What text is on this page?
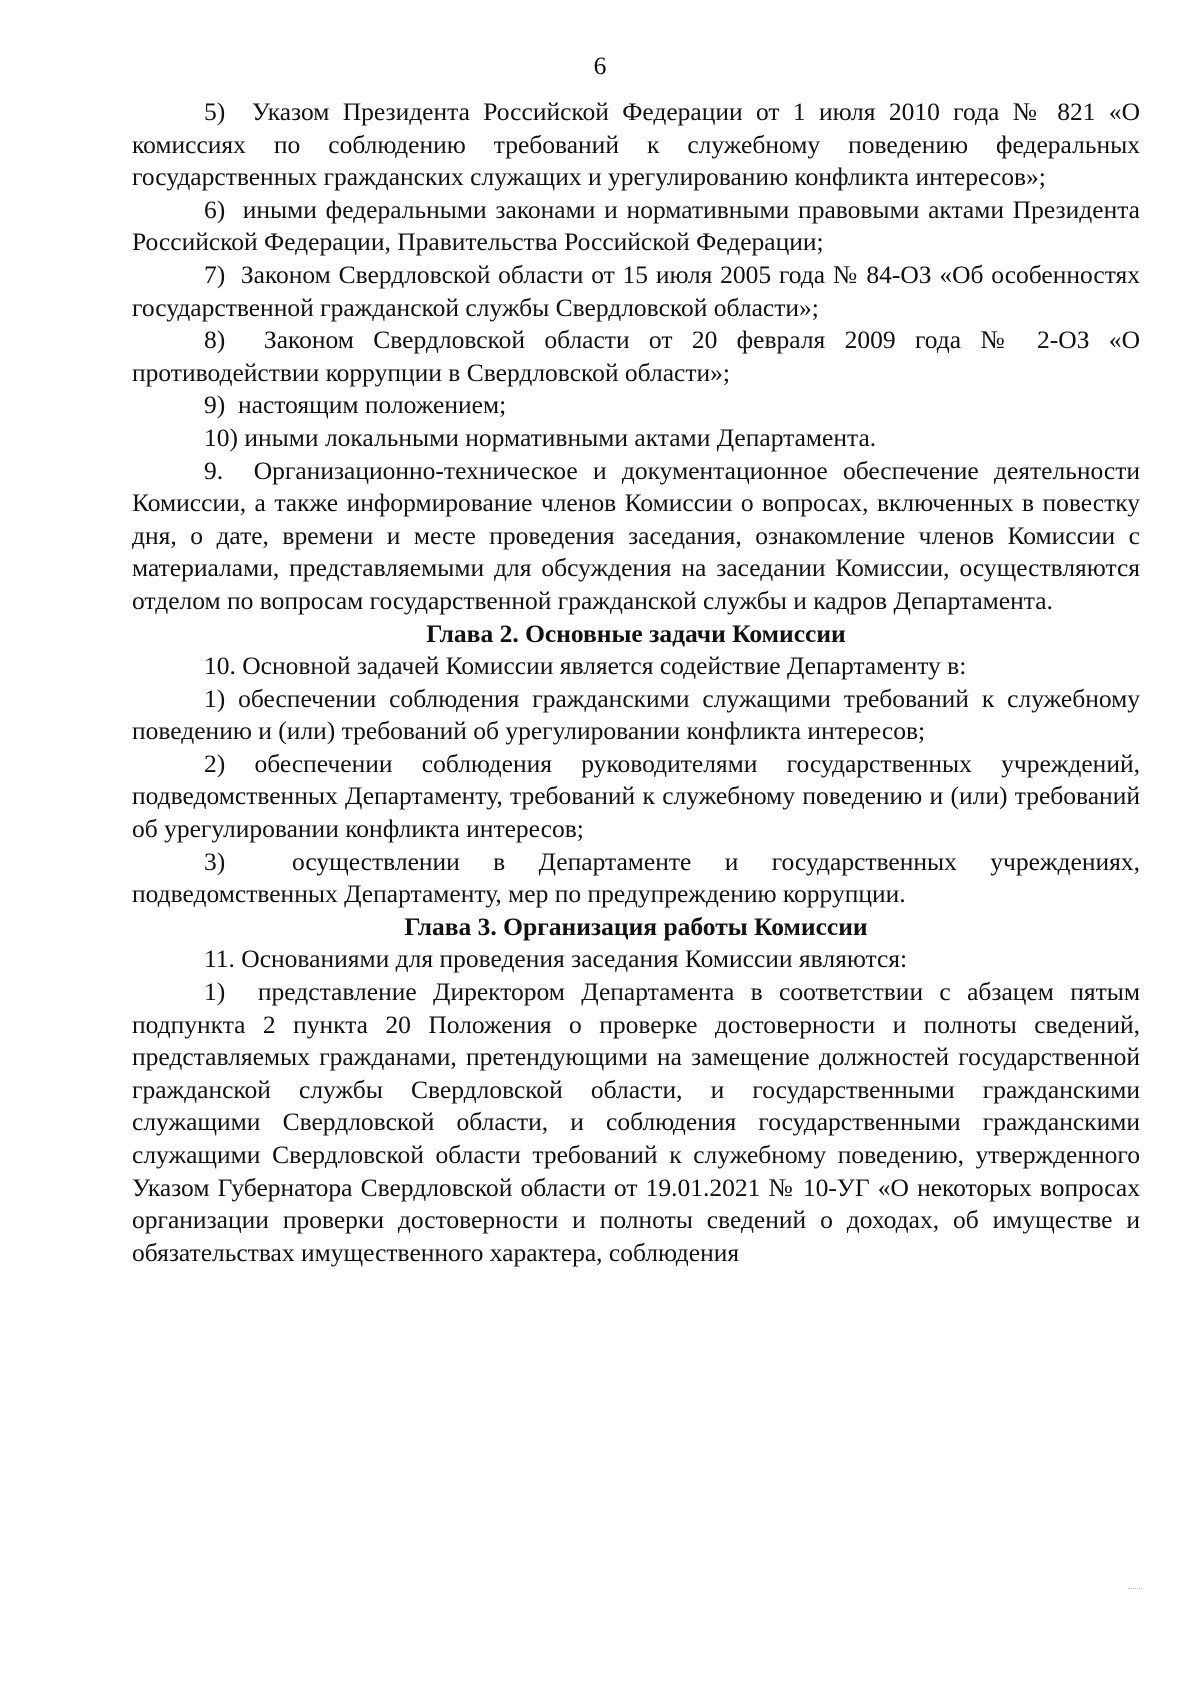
6

5)  Указом Президента Российской Федерации от 1 июля 2010 года № 821 «О комиссиях по соблюдению требований к служебному поведению федеральных государственных гражданских служащих и урегулированию конфликта интересов»;

6)  иными федеральными законами и нормативными правовыми актами Президента Российской Федерации, Правительства Российской Федерации;

7)  Законом Свердловской области от 15 июля 2005 года № 84-ОЗ «Об особенностях государственной гражданской службы Свердловской области»;

8)  Законом Свердловской области от 20 февраля 2009 года № 2-ОЗ «О противодействии коррупции в Свердловской области»;

9)  настоящим положением;

10) иными локальными нормативными актами Департамента.

9.  Организационно-техническое и документационное обеспечение деятельности Комиссии, а также информирование членов Комиссии о вопросах, включенных в повестку дня, о дате, времени и месте проведения заседания, ознакомление членов Комиссии с материалами, представляемыми для обсуждения на заседании Комиссии, осуществляются отделом по вопросам государственной гражданской службы и кадров Департамента.

Глава 2. Основные задачи Комиссии

10. Основной задачей Комиссии является содействие Департаменту в:

1) обеспечении соблюдения гражданскими служащими требований к служебному поведению и (или) требований об урегулировании конфликта интересов;

2) обеспечении соблюдения руководителями государственных учреждений, подведомственных Департаменту, требований к служебному поведению и (или) требований об урегулировании конфликта интересов;

3)  осуществлении в Департаменте и государственных учреждениях, подведомственных Департаменту, мер по предупреждению коррупции.

Глава 3. Организация работы Комиссии

11. Основаниями для проведения заседания Комиссии являются:

1)  представление Директором Департамента в соответствии с абзацем пятым подпункта 2 пункта 20 Положения о проверке достоверности и полноты сведений, представляемых гражданами, претендующими на замещение должностей государственной гражданской службы Свердловской области, и государственными гражданскими служащими Свердловской области, и соблюдения государственными гражданскими служащими Свердловской области требований к служебному поведению, утвержденного Указом Губернатора Свердловской области от 19.01.2021 № 10-УГ «О некоторых вопросах организации проверки достоверности и полноты сведений о доходах, об имуществе и обязательствах имущественного характера, соблюдения
